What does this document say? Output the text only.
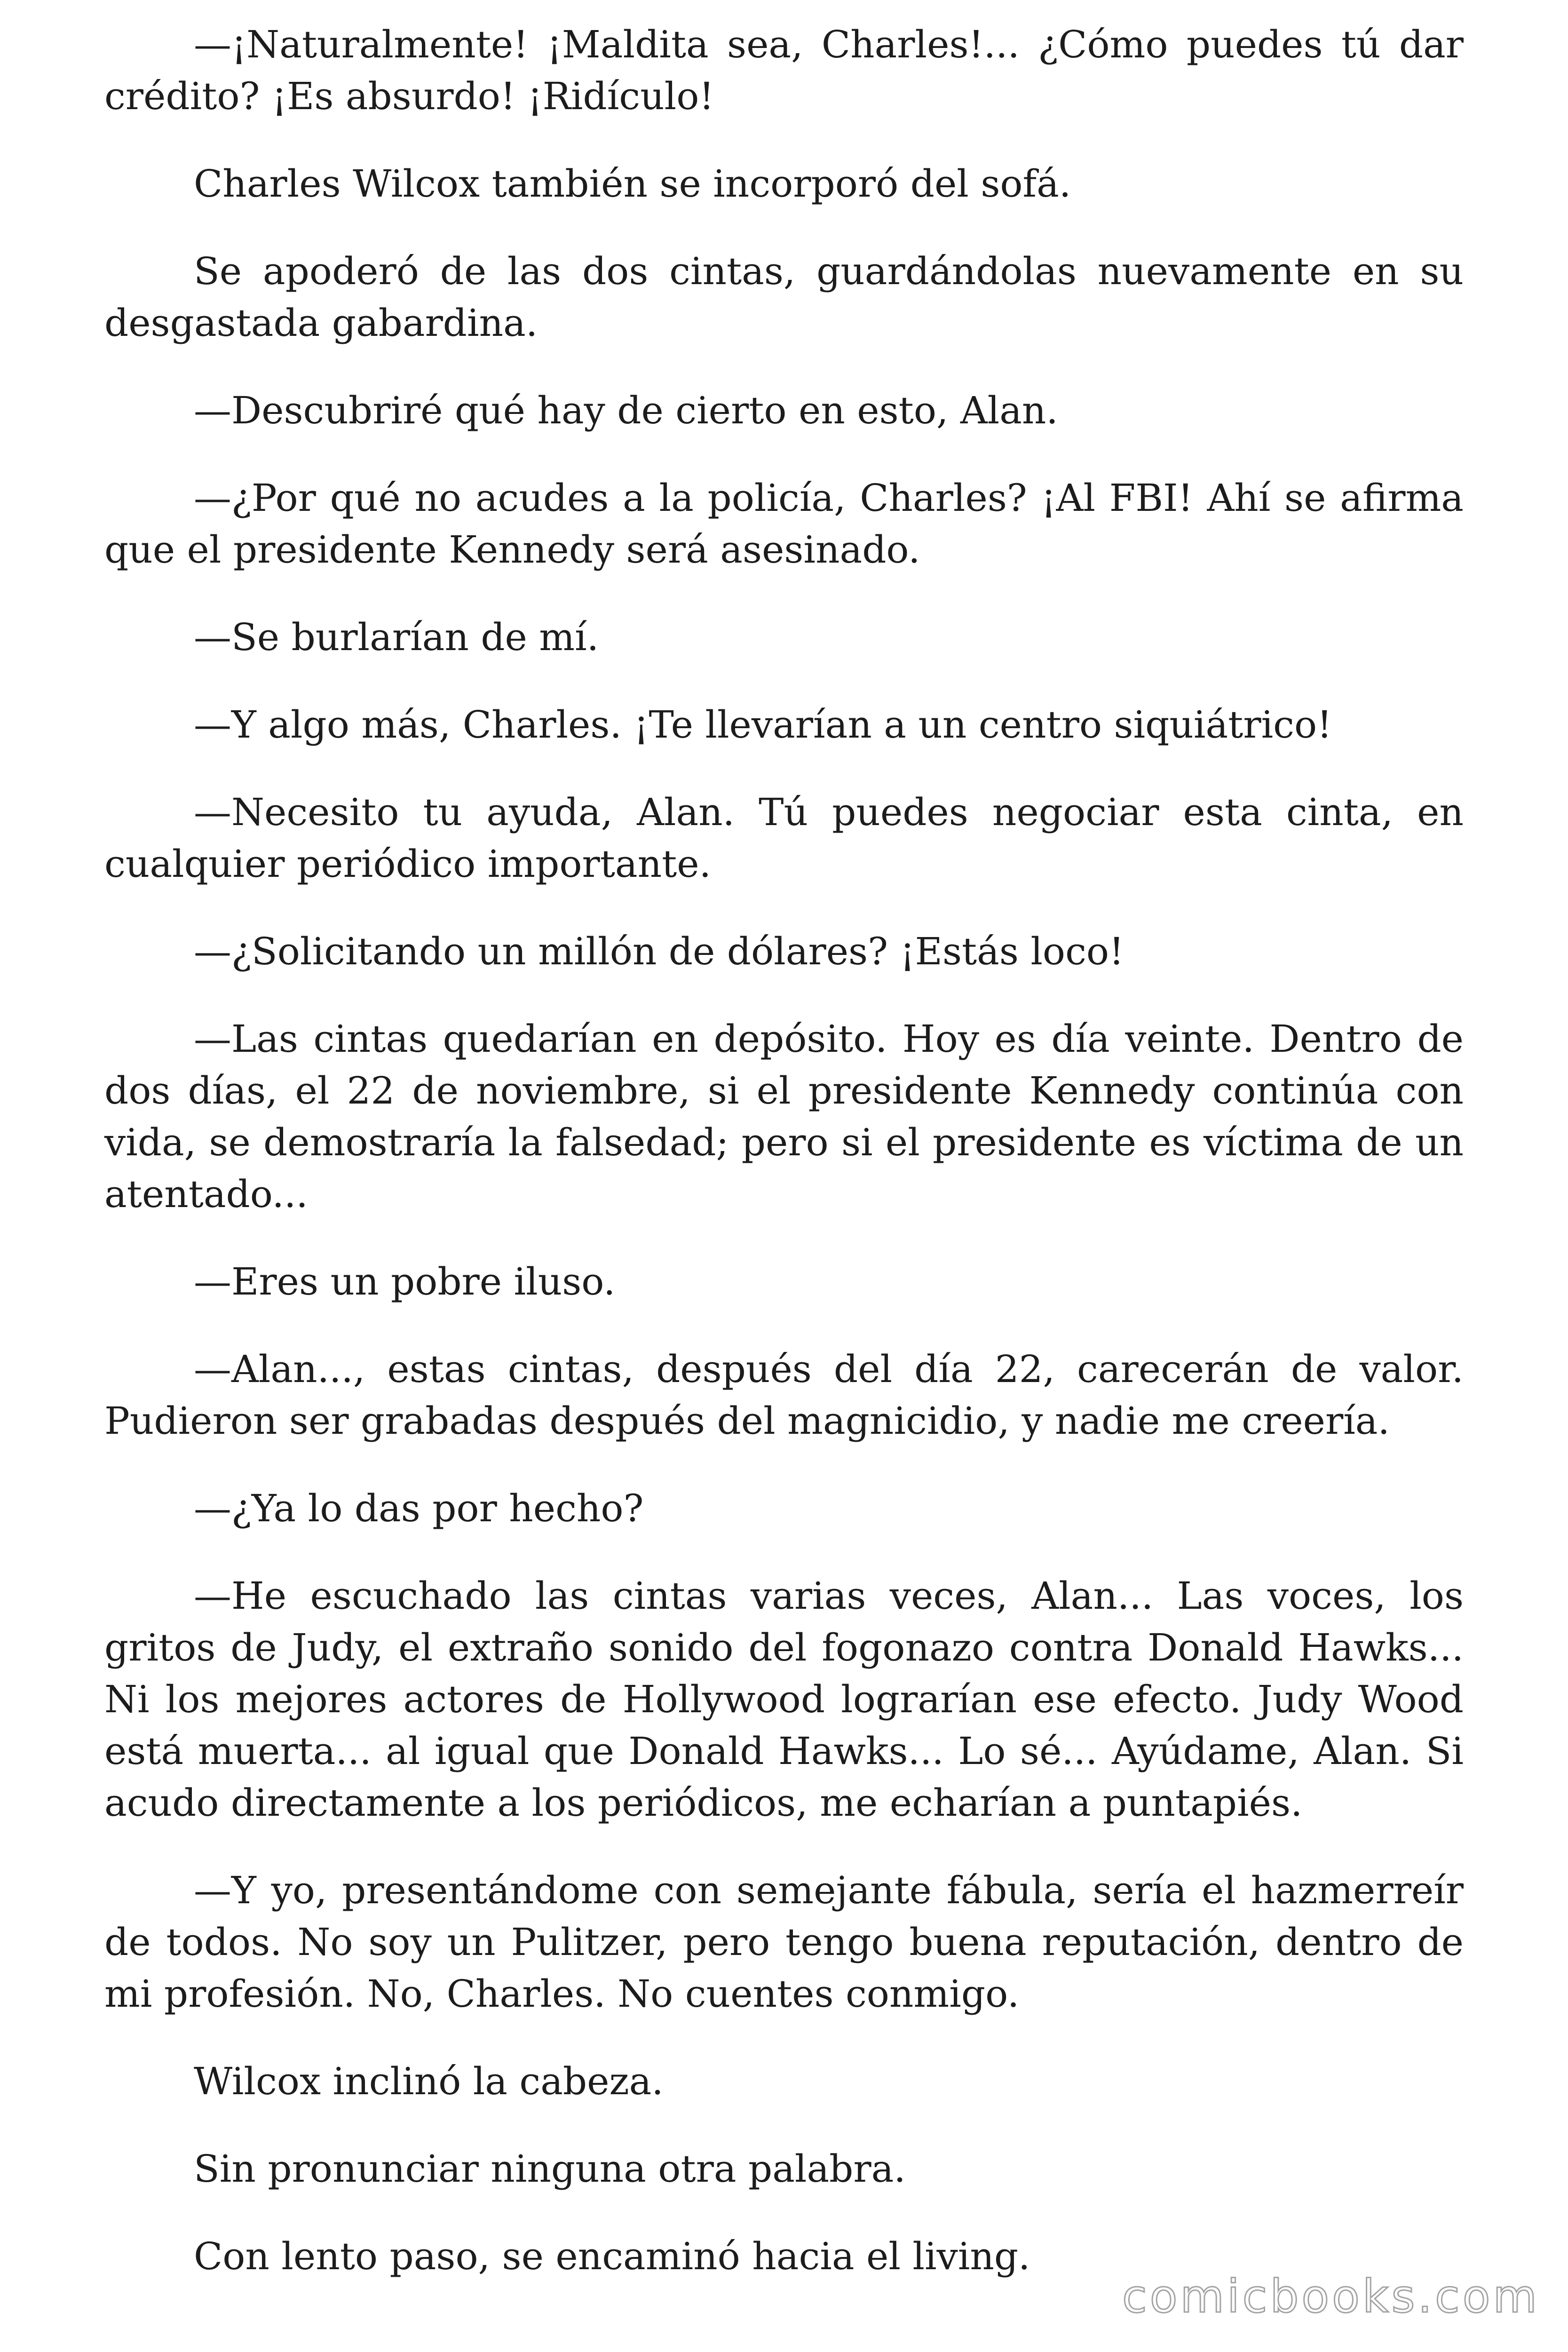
—¡Naturalmente! ¡Maldita sea, Charles!... ¿Cómo puedes tú dar crédito? ¡Es absurdo! ¡Ridículo!

Charles Wilcox también se incorporó del sofá.

Se apoderó de las dos cintas, guardándolas nuevamente en su desgastada gabardina.

—Descubriré qué hay de cierto en esto, Alan.

—¿Por qué no acudes a la policía, Charles? ¡Al FBI! Ahí se afirma que el presidente Kennedy será asesinado.

—Se burlarían de mí.

—Y algo más, Charles. ¡Te llevarían a un centro siquiátrico!

—Necesito tu ayuda, Alan. Tú puedes negociar esta cinta, en cualquier periódico importante.

—¿Solicitando un millón de dólares? ¡Estás loco!

—Las cintas quedarían en depósito. Hoy es día veinte. Dentro de dos días, el 22 de noviembre, si el presidente Kennedy continúa con vida, se demostraría la falsedad; pero si el presidente es víctima de un atentado...

—Eres un pobre iluso.

—Alan..., estas cintas, después del día 22, carecerán de valor. Pudieron ser grabadas después del magnicidio, y nadie me creería.

—¿Ya lo das por hecho?

—He escuchado las cintas varias veces, Alan... Las voces, los gritos de Judy, el extraño sonido del fogonazo contra Donald Hawks... Ni los mejores actores de Hollywood lograrían ese efecto. Judy Wood está muerta... al igual que Donald Hawks... Lo sé... Ayúdame, Alan. Si acudo directamente a los periódicos, me echarían a puntapiés.

—Y yo, presentándome con semejante fábula, sería el hazmerreír de todos. No soy un Pulitzer, pero tengo buena reputación, dentro de mi profesión. No, Charles. No cuentes conmigo.

Wilcox inclinó la cabeza.

Sin pronunciar ninguna otra palabra.

Con lento paso, se encaminó hacia el living.

comicbooks.com
